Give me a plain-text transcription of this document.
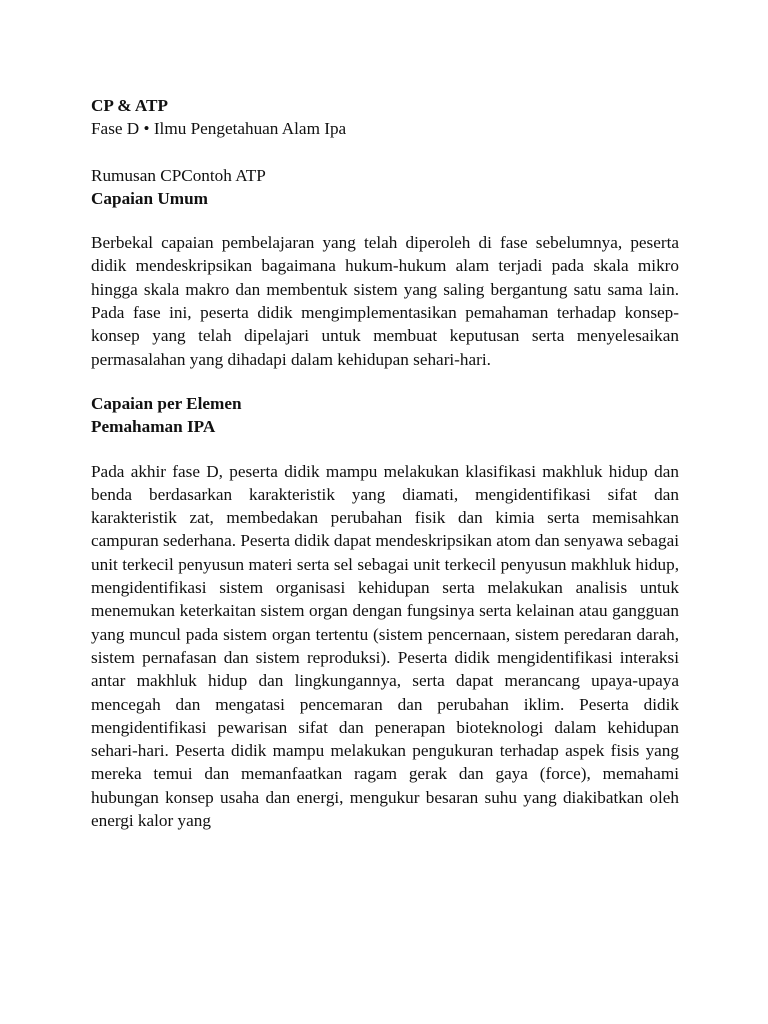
CP & ATP
Fase D • Ilmu Pengetahuan Alam Ipa
Rumusan CPContoh ATP
Capaian Umum

Berbekal capaian pembelajaran yang telah diperoleh di fase sebelumnya, peserta didik mendeskripsikan bagaimana hukum-hukum alam terjadi pada skala mikro hingga skala makro dan membentuk sistem yang saling bergantung satu sama lain. Pada fase ini, peserta didik mengimplementasikan pemahaman terhadap konsep- konsep yang telah dipelajari untuk membuat keputusan serta menyelesaikan permasalahan yang dihadapi dalam kehidupan sehari-hari.

Capaian per Elemen
Pemahaman IPA

Pada akhir fase D, peserta didik mampu melakukan klasifikasi makhluk hidup dan benda berdasarkan karakteristik yang diamati, mengidentifikasi sifat dan karakteristik zat, membedakan perubahan fisik dan kimia serta memisahkan campuran sederhana. Peserta didik dapat mendeskripsikan atom dan senyawa sebagai unit terkecil penyusun materi serta sel sebagai unit terkecil penyusun makhluk hidup, mengidentifikasi sistem organisasi kehidupan serta melakukan analisis untuk menemukan keterkaitan sistem organ dengan fungsinya serta kelainan atau gangguan yang muncul pada sistem organ tertentu (sistem pencernaan, sistem peredaran darah, sistem pernafasan dan sistem reproduksi). Peserta didik mengidentifikasi interaksi antar makhluk hidup dan lingkungannya, serta dapat merancang upaya-upaya mencegah dan mengatasi pencemaran dan perubahan iklim. Peserta didik mengidentifikasi pewarisan sifat dan penerapan bioteknologi dalam kehidupan sehari-hari. Peserta didik mampu melakukan pengukuran terhadap aspek fisis yang mereka temui dan memanfaatkan ragam gerak dan gaya (force), memahami hubungan konsep usaha dan energi, mengukur besaran suhu yang diakibatkan oleh energi kalor yang
